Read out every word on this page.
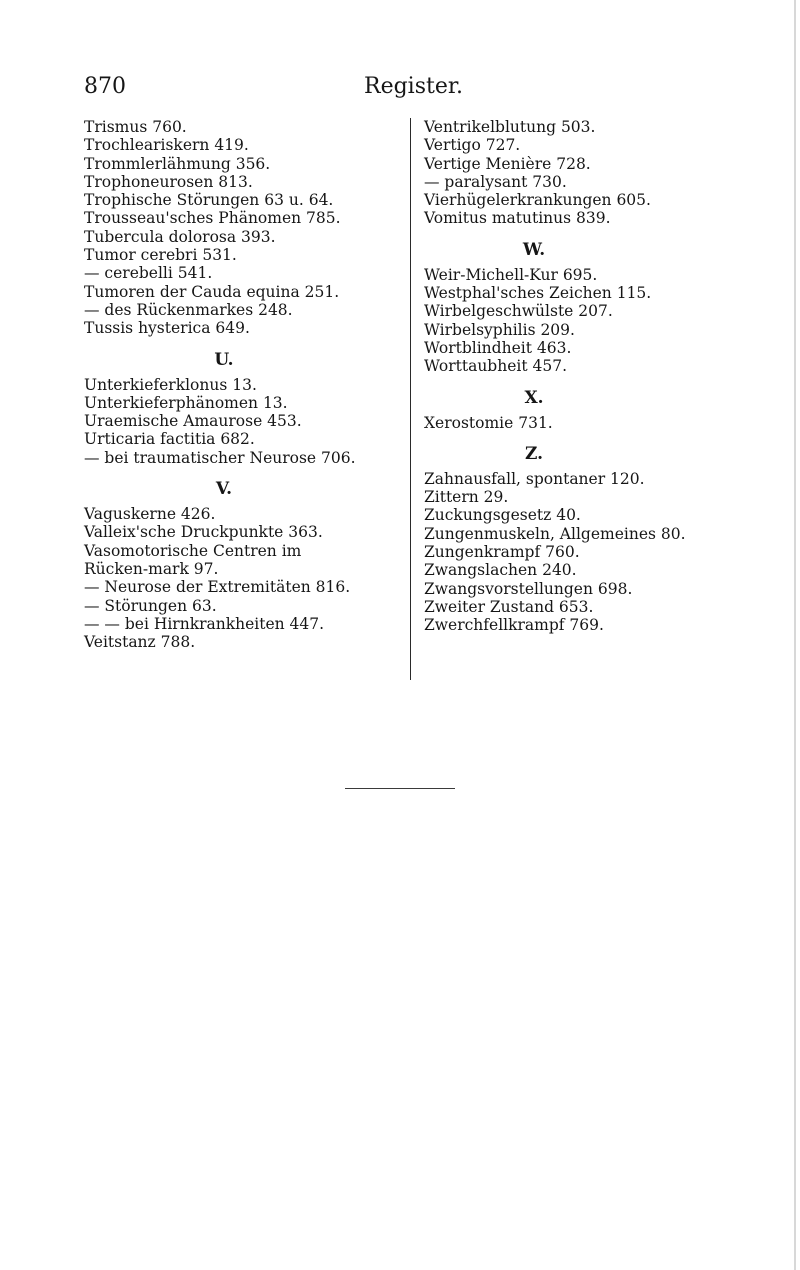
870	Register.
Trismus 760.
Trochleariskern 419.
Trommlerlähmung 356.
Trophoneurosen 813.
Trophische Störungen 63 u. 64.
Trousseau'sches Phänomen 785.
Tubercula dolorosa 393.
Tumor cerebri 531.
— cerebelli 541.
Tumoren der Cauda equina 251.
— des Rückenmarkes 248.
Tussis hysterica 649.
U.
Unterkieferklonus 13.
Unterkieferphänomen 13.
Uraemische Amaurose 453.
Urticaria factitia 682.
— bei traumatischer Neurose 706.
V.
Vaguskerne 426.
Valleix'sche Druckpunkte 363.
Vasomotorische Centren im Rücken-mark 97.
— Neurose der Extremitäten 816.
— Störungen 63.
— — bei Hirnkrankheiten 447.
Veitstanz 788.
Ventrikelblutung 503.
Vertigo 727.
Vertige Menière 728.
— paralysant 730.
Vierhügelerkrankungen 605.
Vomitus matutinus 839.
W.
Weir-Michell-Kur 695.
Westphal'sches Zeichen 115.
Wirbelgeschwülste 207.
Wirbelsyphilis 209.
Wortblindheit 463.
Worttaubheit 457.
X.
Xerostomie 731.
Z.
Zahnausfall, spontaner 120.
Zittern 29.
Zuckungsgesetz 40.
Zungenmuskeln, Allgemeines 80.
Zungenkrampf 760.
Zwangslachen 240.
Zwangsvorstellungen 698.
Zweiter Zustand 653.
Zwerchfellkrampf 769.
